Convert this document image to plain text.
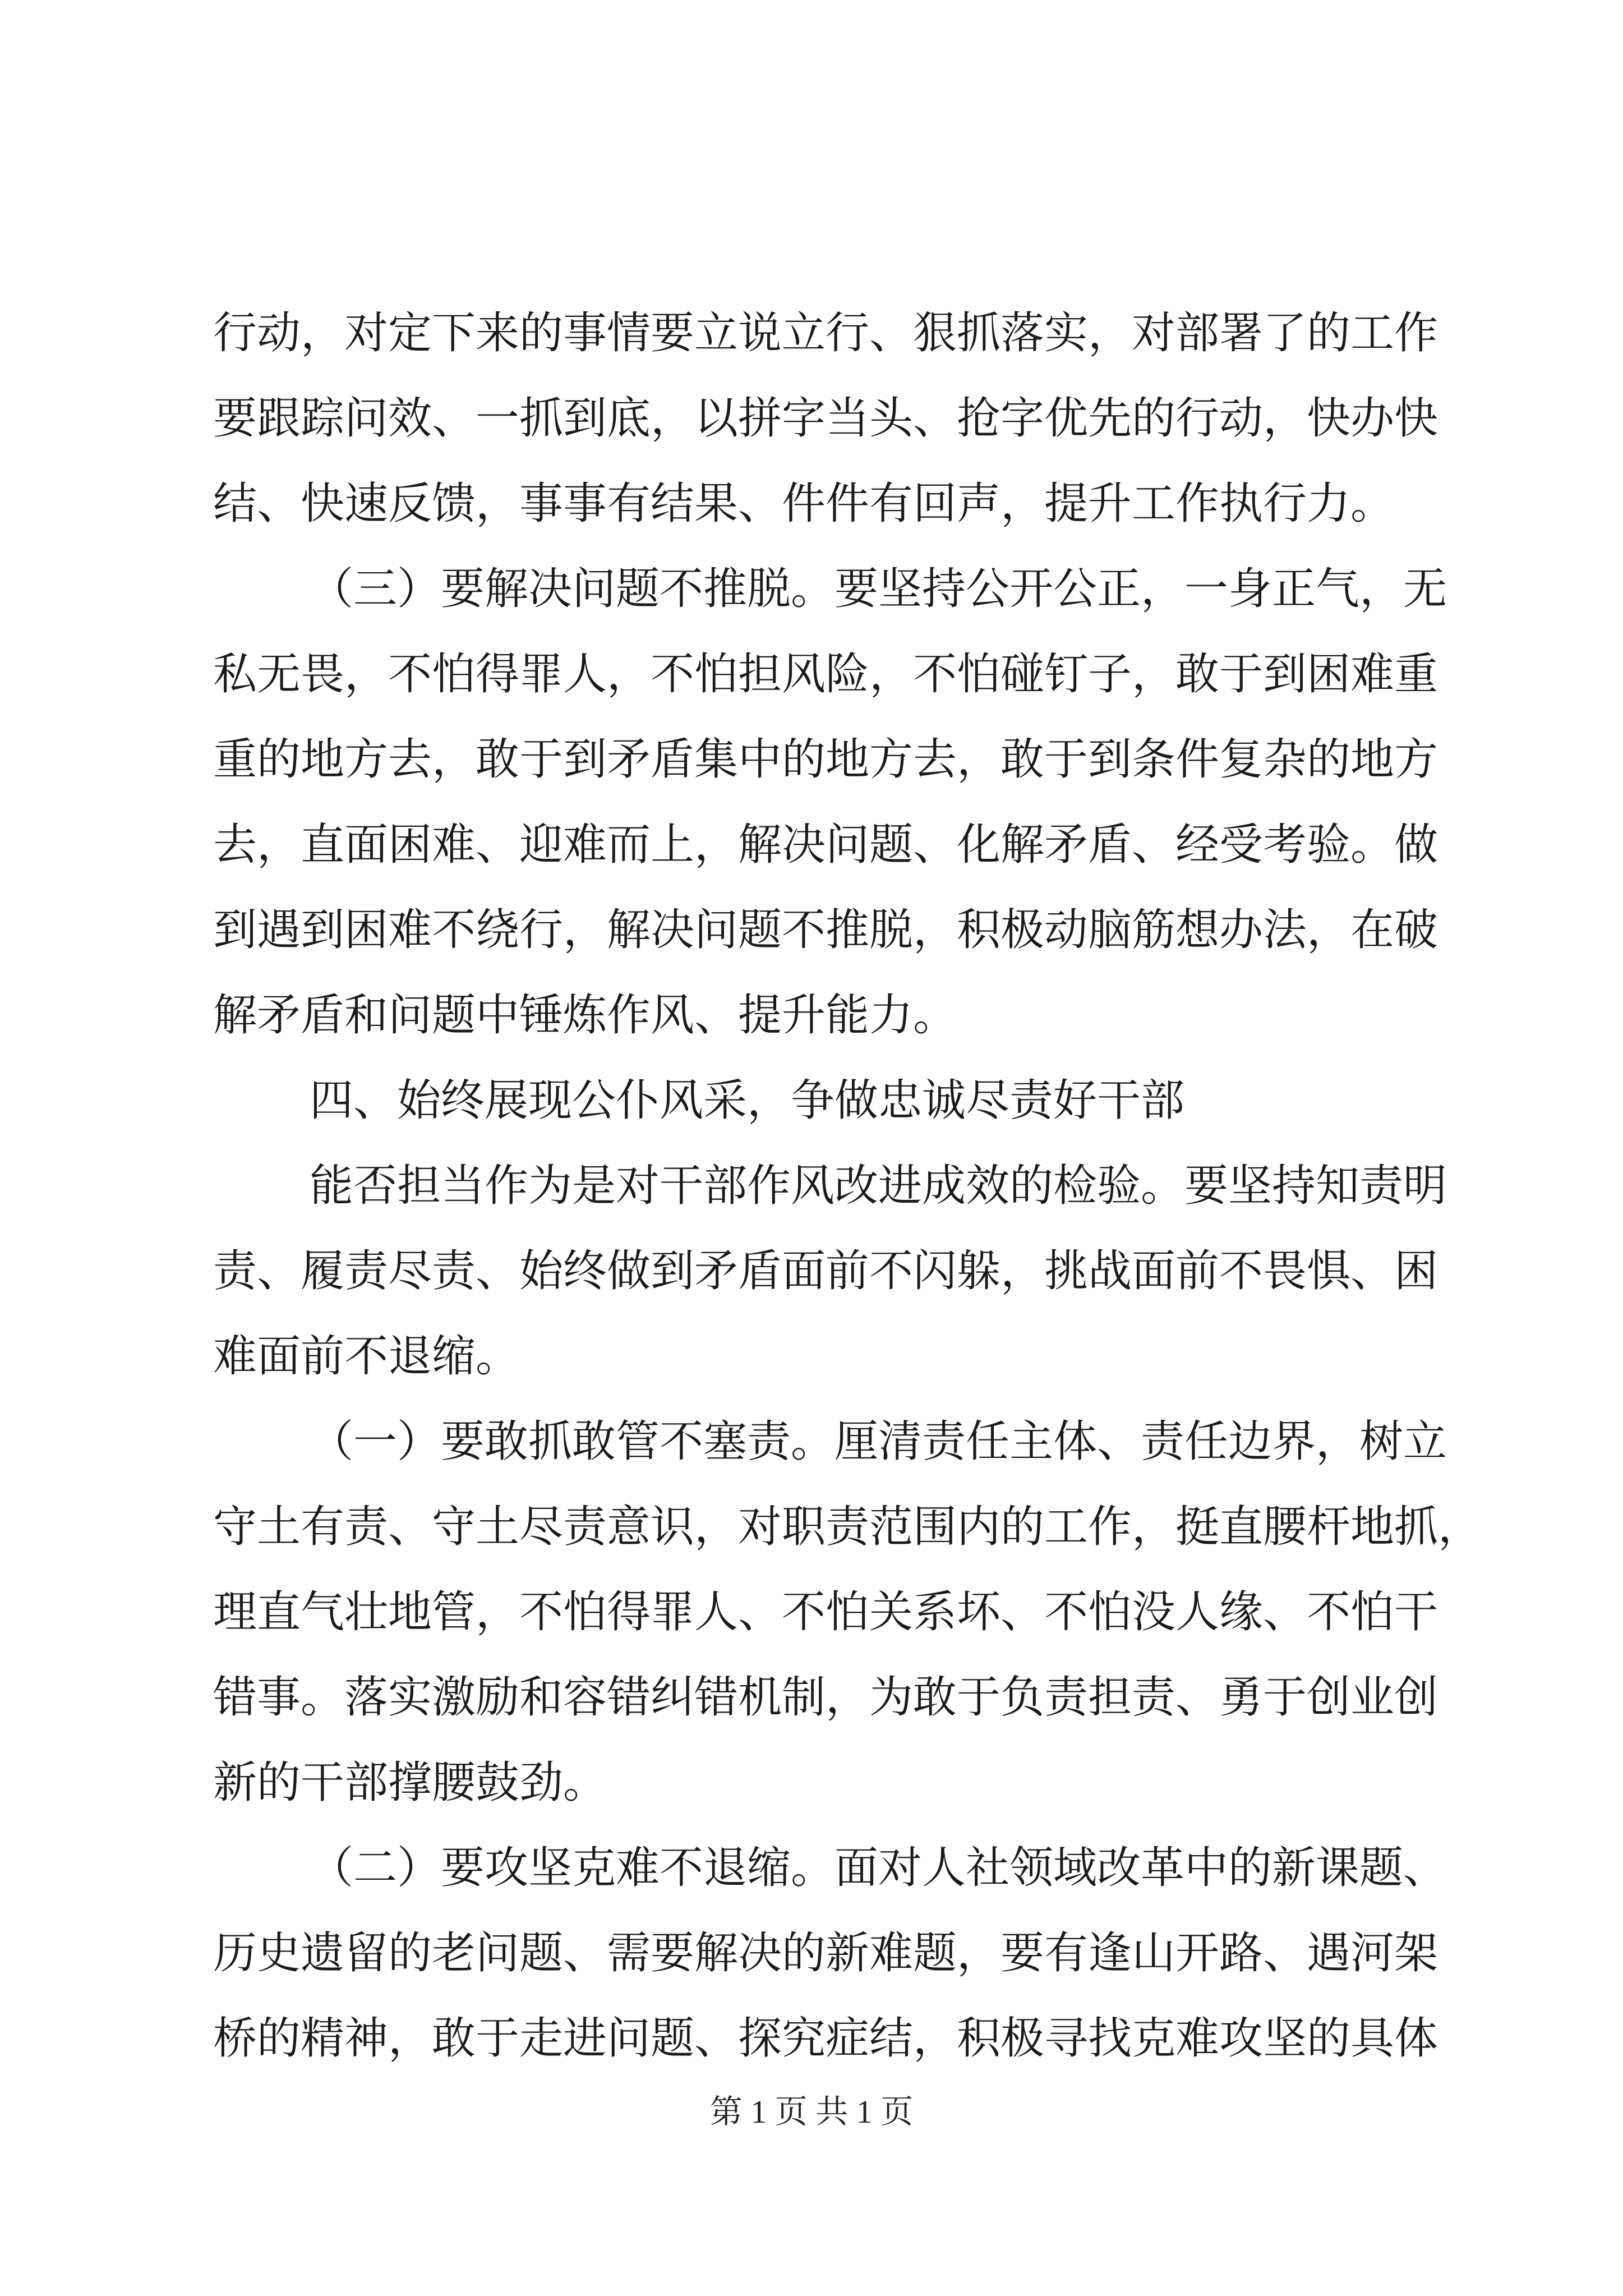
行动，对定下来的事情要立说立行、狠抓落实，对部署了的工作
要跟踪问效、一抓到底，以拼字当头、抢字优先的行动，快办快
结、快速反馈，事事有结果、件件有回声，提升工作执行力。
（三）要解决问题不推脱。要坚持公开公正，一身正气，无
私无畏，不怕得罪人，不怕担风险，不怕碰钉子，敢于到困难重
重的地方去，敢于到矛盾集中的地方去，敢于到条件复杂的地方
去，直面困难、迎难而上，解决问题、化解矛盾、经受考验。做
到遇到困难不绕行，解决问题不推脱，积极动脑筋想办法，在破
解矛盾和问题中锤炼作风、提升能力。
四、始终展现公仆风采，争做忠诚尽责好干部
能否担当作为是对干部作风改进成效的检验。要坚持知责明
责、履责尽责、始终做到矛盾面前不闪躲，挑战面前不畏惧、困
难面前不退缩。
（一）要敢抓敢管不塞责。厘清责任主体、责任边界，树立
守土有责、守土尽责意识，对职责范围内的工作，挺直腰杆地抓，
理直气壮地管，不怕得罪人、不怕关系坏、不怕没人缘、不怕干
错事。落实激励和容错纠错机制，为敢于负责担责、勇于创业创
新的干部撑腰鼓劲。
（二）要攻坚克难不退缩。面对人社领域改革中的新课题、
历史遗留的老问题、需要解决的新难题，要有逢山开路、遇河架
桥的精神，敢于走进问题、探究症结，积极寻找克难攻坚的具体
第 1 页 共 1 页
